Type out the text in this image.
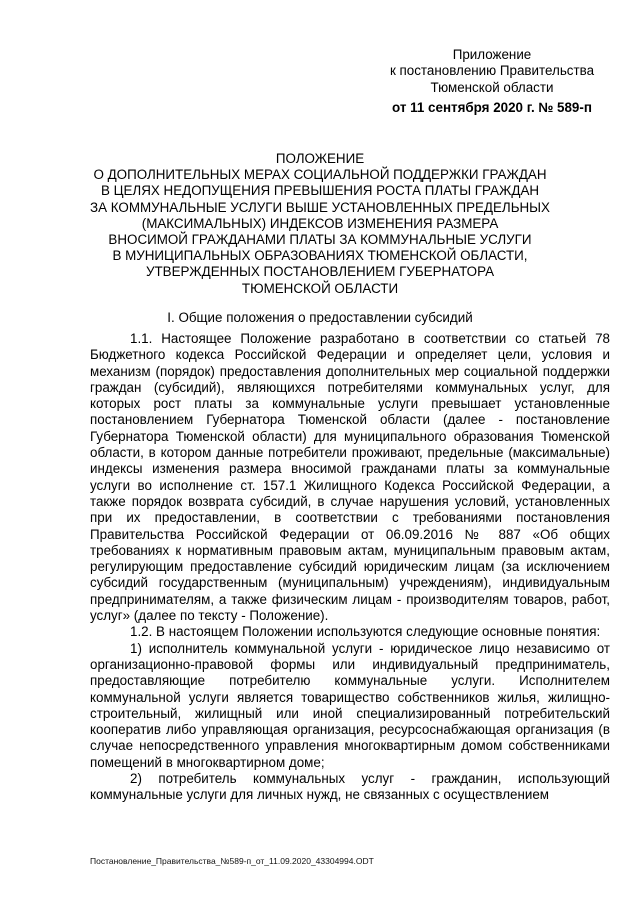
Приложение
к постановлению Правительства
Тюменской области
от 11 сентября 2020 г. № 589-п
ПОЛОЖЕНИЕ
О ДОПОЛНИТЕЛЬНЫХ МЕРАХ СОЦИАЛЬНОЙ ПОДДЕРЖКИ ГРАЖДАН
В ЦЕЛЯХ НЕДОПУЩЕНИЯ ПРЕВЫШЕНИЯ РОСТА ПЛАТЫ ГРАЖДАН
ЗА КОММУНАЛЬНЫЕ УСЛУГИ ВЫШЕ УСТАНОВЛЕННЫХ ПРЕДЕЛЬНЫХ
(МАКСИМАЛЬНЫХ) ИНДЕКСОВ ИЗМЕНЕНИЯ РАЗМЕРА
ВНОСИМОЙ ГРАЖДАНАМИ ПЛАТЫ ЗА КОММУНАЛЬНЫЕ УСЛУГИ
В МУНИЦИПАЛЬНЫХ ОБРАЗОВАНИЯХ ТЮМЕНСКОЙ ОБЛАСТИ,
УТВЕРЖДЕННЫХ ПОСТАНОВЛЕНИЕМ ГУБЕРНАТОРА
ТЮМЕНСКОЙ ОБЛАСТИ
I. Общие положения о предоставлении субсидий

1.1. Настоящее Положение разработано в соответствии со статьей 78 Бюджетного кодекса Российской Федерации и определяет цели, условия и механизм (порядок) предоставления дополнительных мер социальной поддержки граждан (субсидий), являющихся потребителями коммунальных услуг, для которых рост платы за коммунальные услуги превышает установленные постановлением Губернатора Тюменской области (далее - постановление Губернатора Тюменской области) для муниципального образования Тюменской области, в котором данные потребители проживают, предельные (максимальные) индексы изменения размера вносимой гражданами платы за коммунальные услуги во исполнение ст. 157.1 Жилищного Кодекса Российской Федерации, а также порядок возврата субсидий, в случае нарушения условий, установленных при их предоставлении, в соответствии с требованиями постановления Правительства Российской Федерации от 06.09.2016 № 887 «Об общих требованиях к нормативным правовым актам, муниципальным правовым актам, регулирующим предоставление субсидий юридическим лицам (за исключением субсидий государственным (муниципальным) учреждениям), индивидуальным предпринимателям, а также физическим лицам - производителям товаров, работ, услуг» (далее по тексту - Положение).

1.2. В настоящем Положении используются следующие основные понятия:

1) исполнитель коммунальной услуги - юридическое лицо независимо от организационно-правовой формы или индивидуальный предприниматель, предоставляющие потребителю коммунальные услуги. Исполнителем коммунальной услуги является товарищество собственников жилья, жилищно-строительный, жилищный или иной специализированный потребительский кооператив либо управляющая организация, ресурсоснабжающая организация (в случае непосредственного управления многоквартирным домом собственниками помещений в многоквартирном доме;

2) потребитель коммунальных услуг - гражданин, использующий коммунальные услуги для личных нужд, не связанных с осуществлением

Постановление_Правительства_№589-п_от_11.09.2020_43304994.ODT
